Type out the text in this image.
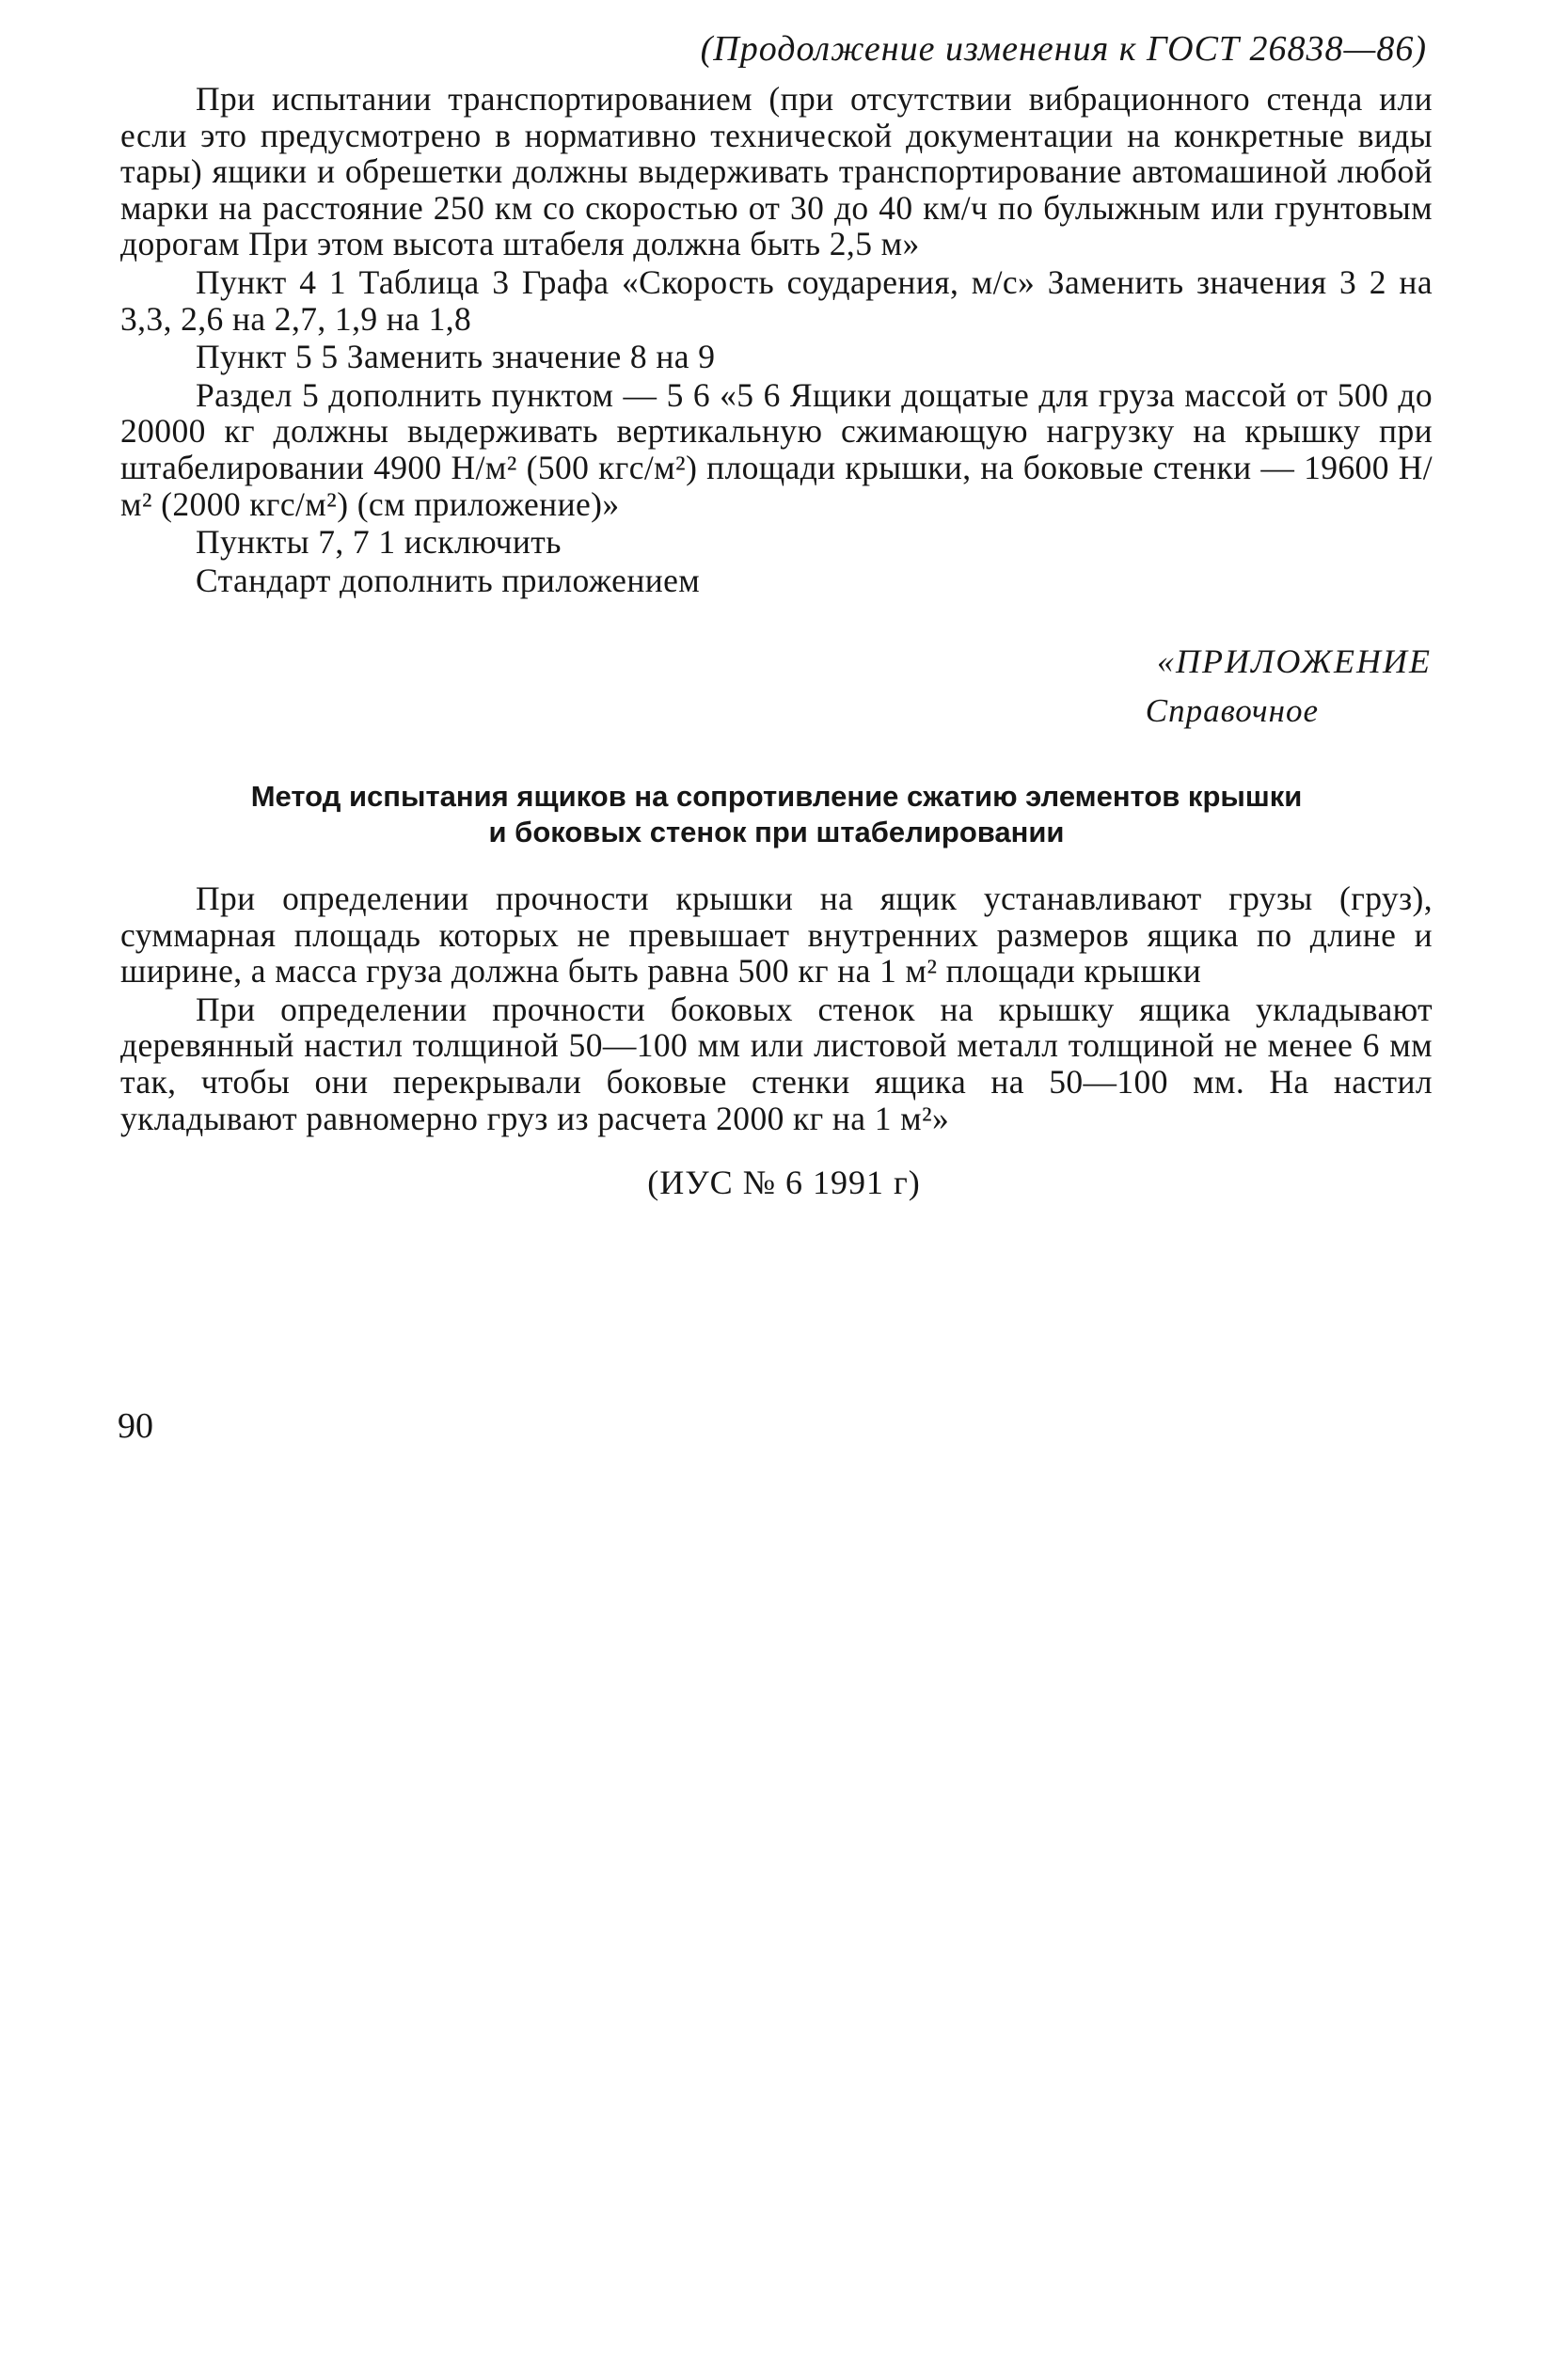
(Продолжение изменения к ГОСТ 26838—86)

При испытании транспортированием (при отсутствии вибрационного стенда или если это предусмотрено в нормативно технической документации на конкретные виды тары) ящики и обрешетки должны выдерживать транспортирование автомашиной любой марки на расстояние 250 км со скоростью от 30 до 40 км/ч по булыжным или грунтовым дорогам При этом высота штабеля должна быть 2,5 м»

Пункт 4 1 Таблица 3 Графа «Скорость соударения, м/с» Заменить значения 3 2 на 3,3, 2,6 на 2,7, 1,9 на 1,8

Пункт 5 5 Заменить значение 8 на 9

Раздел 5 дополнить пунктом — 5 6 «5 6 Ящики дощатые для груза массой от 500 до 20000 кг должны выдерживать вертикальную сжимающую нагрузку на крышку при штабелировании 4900 Н/м² (500 кгс/м²) площади крышки, на боковые стенки — 19600 Н/м² (2000 кгс/м²) (см приложение)»

Пункты 7, 7 1 исключить

Стандарт дополнить приложением

«ПРИЛОЖЕНИЕ
Справочное
Метод испытания ящиков на сопротивление сжатию элементов крышки
и боковых стенок при штабелировании

При определении прочности крышки на ящик устанавливают грузы (груз), суммарная площадь которых не превышает внутренних размеров ящика по длине и ширине, а масса груза должна быть равна 500 кг на 1 м² площади крышки

При определении прочности боковых стенок на крышку ящика укладывают деревянный настил толщиной 50—100 мм или листовой металл толщиной не менее 6 мм так, чтобы они перекрывали боковые стенки ящика на 50—100 мм. На настил укладывают равномерно груз из расчета 2000 кг на 1 м²»

(ИУС № 6 1991 г)
90
